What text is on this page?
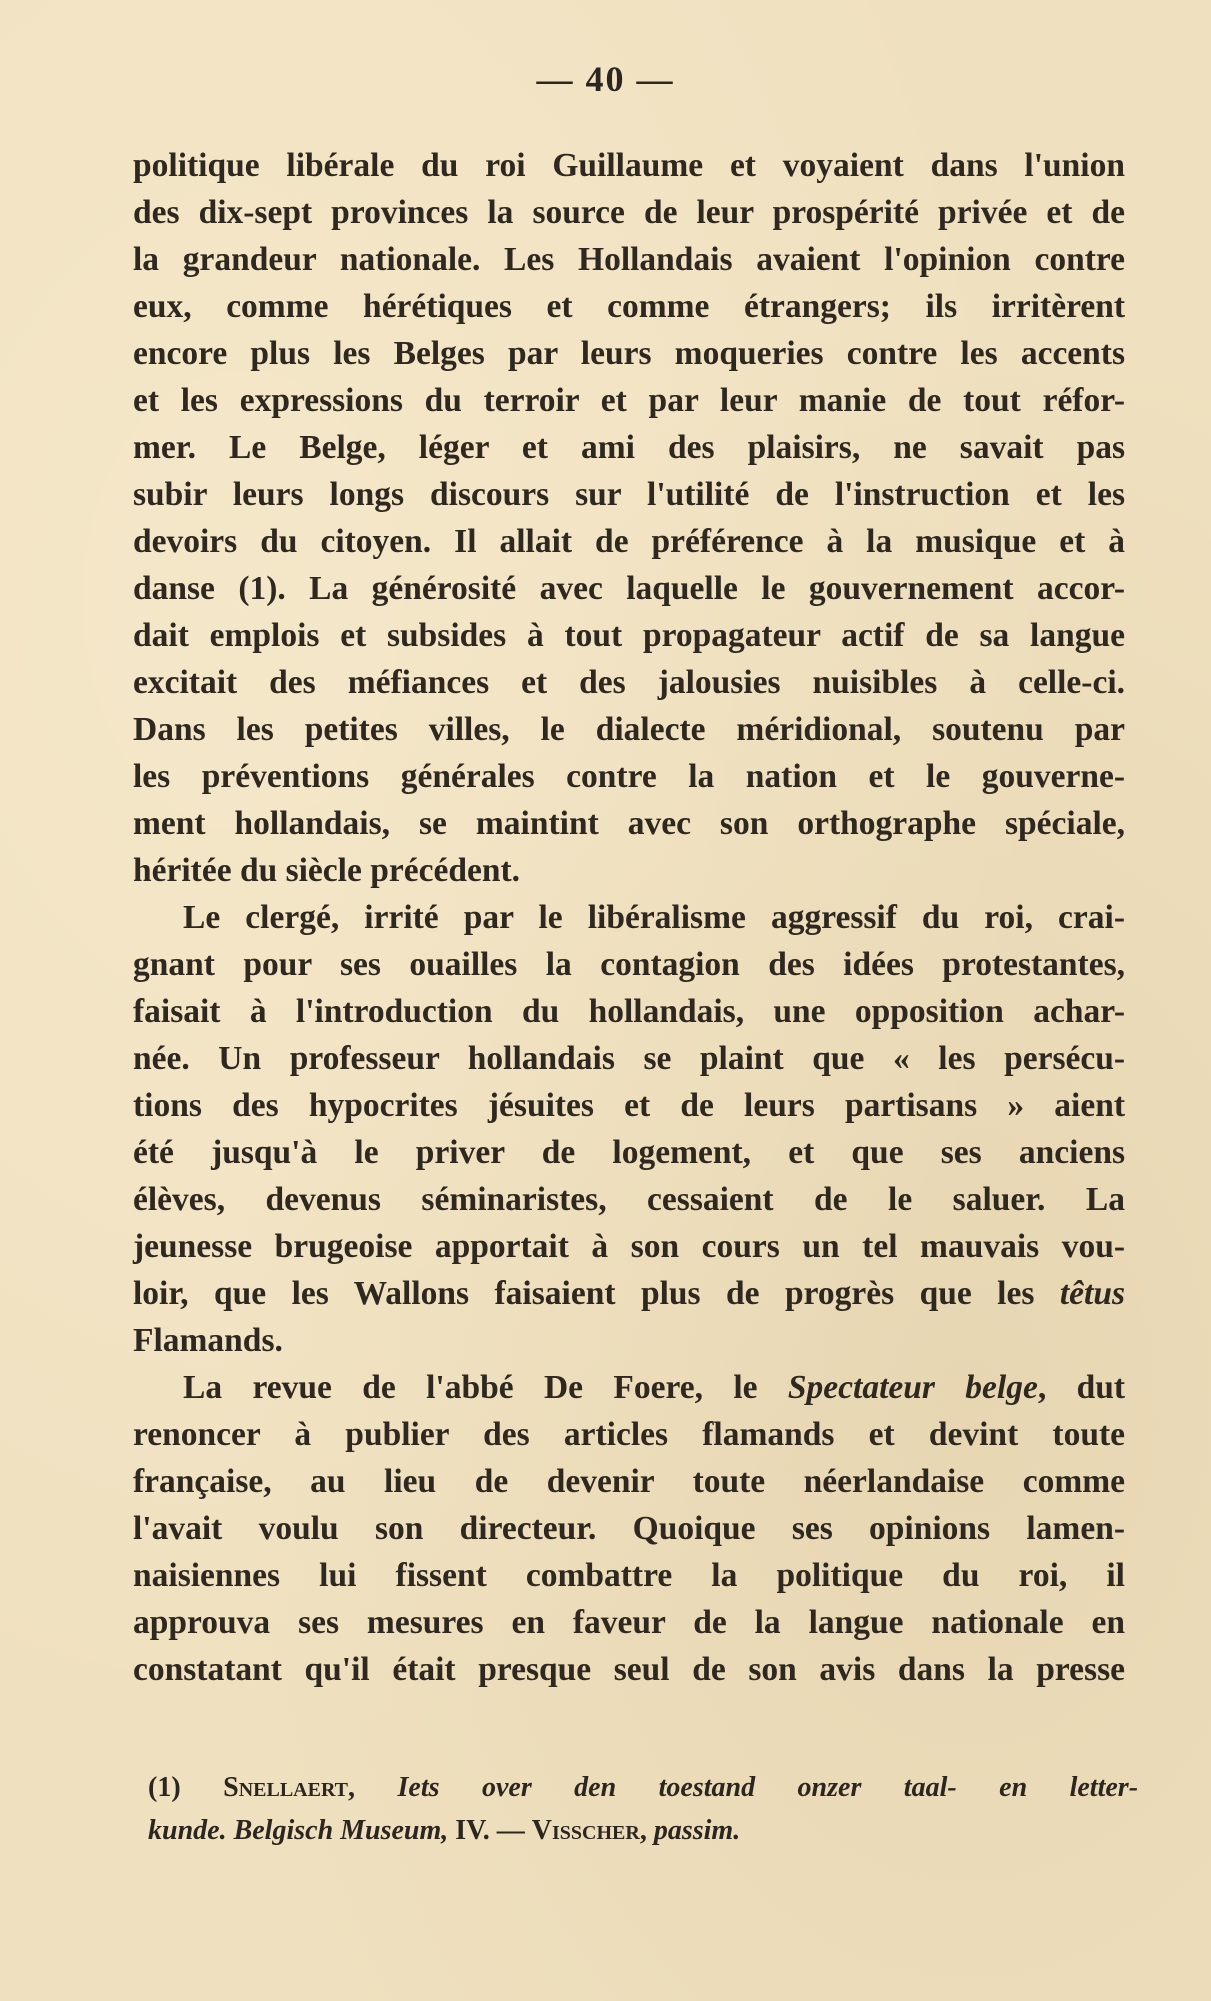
— 40 —
politique libérale du roi Guillaume et voyaient dans l'union
des dix-sept provinces la source de leur prospérité privée et de
la grandeur nationale. Les Hollandais avaient l'opinion contre
eux, comme hérétiques et comme étrangers; ils irritèrent
encore plus les Belges par leurs moqueries contre les accents
et les expressions du terroir et par leur manie de tout réfor-
mer. Le Belge, léger et ami des plaisirs, ne savait pas
subir leurs longs discours sur l'utilité de l'instruction et les
devoirs du citoyen. Il allait de préférence à la musique et à
danse (1). La générosité avec laquelle le gouvernement accor-
dait emplois et subsides à tout propagateur actif de sa langue
excitait des méfiances et des jalousies nuisibles à celle-ci.
Dans les petites villes, le dialecte méridional, soutenu par
les préventions générales contre la nation et le gouverne-
ment hollandais, se maintint avec son orthographe spéciale,
héritée du siècle précédent.
Le clergé, irrité par le libéralisme aggressif du roi, crai-
gnant pour ses ouailles la contagion des idées protestantes,
faisait à l'introduction du hollandais, une opposition achar-
née. Un professeur hollandais se plaint que « les persécu-
tions des hypocrites jésuites et de leurs partisans » aient
été jusqu'à le priver de logement, et que ses anciens
élèves, devenus séminaristes, cessaient de le saluer. La
jeunesse brugeoise apportait à son cours un tel mauvais vou-
loir, que les Wallons faisaient plus de progrès que les têtus
Flamands.
La revue de l'abbé De Foere, le Spectateur belge, dut
renoncer à publier des articles flamands et devint toute
française, au lieu de devenir toute néerlandaise comme
l'avait voulu son directeur. Quoique ses opinions lamen-
naisiennes lui fissent combattre la politique du roi, il
approuva ses mesures en faveur de la langue nationale en
constatant qu'il était presque seul de son avis dans la presse
(1) Snellaert, Iets over den toestand onzer taal- en letter-
kunde. Belgisch Museum, IV. — Visscher, passim.
